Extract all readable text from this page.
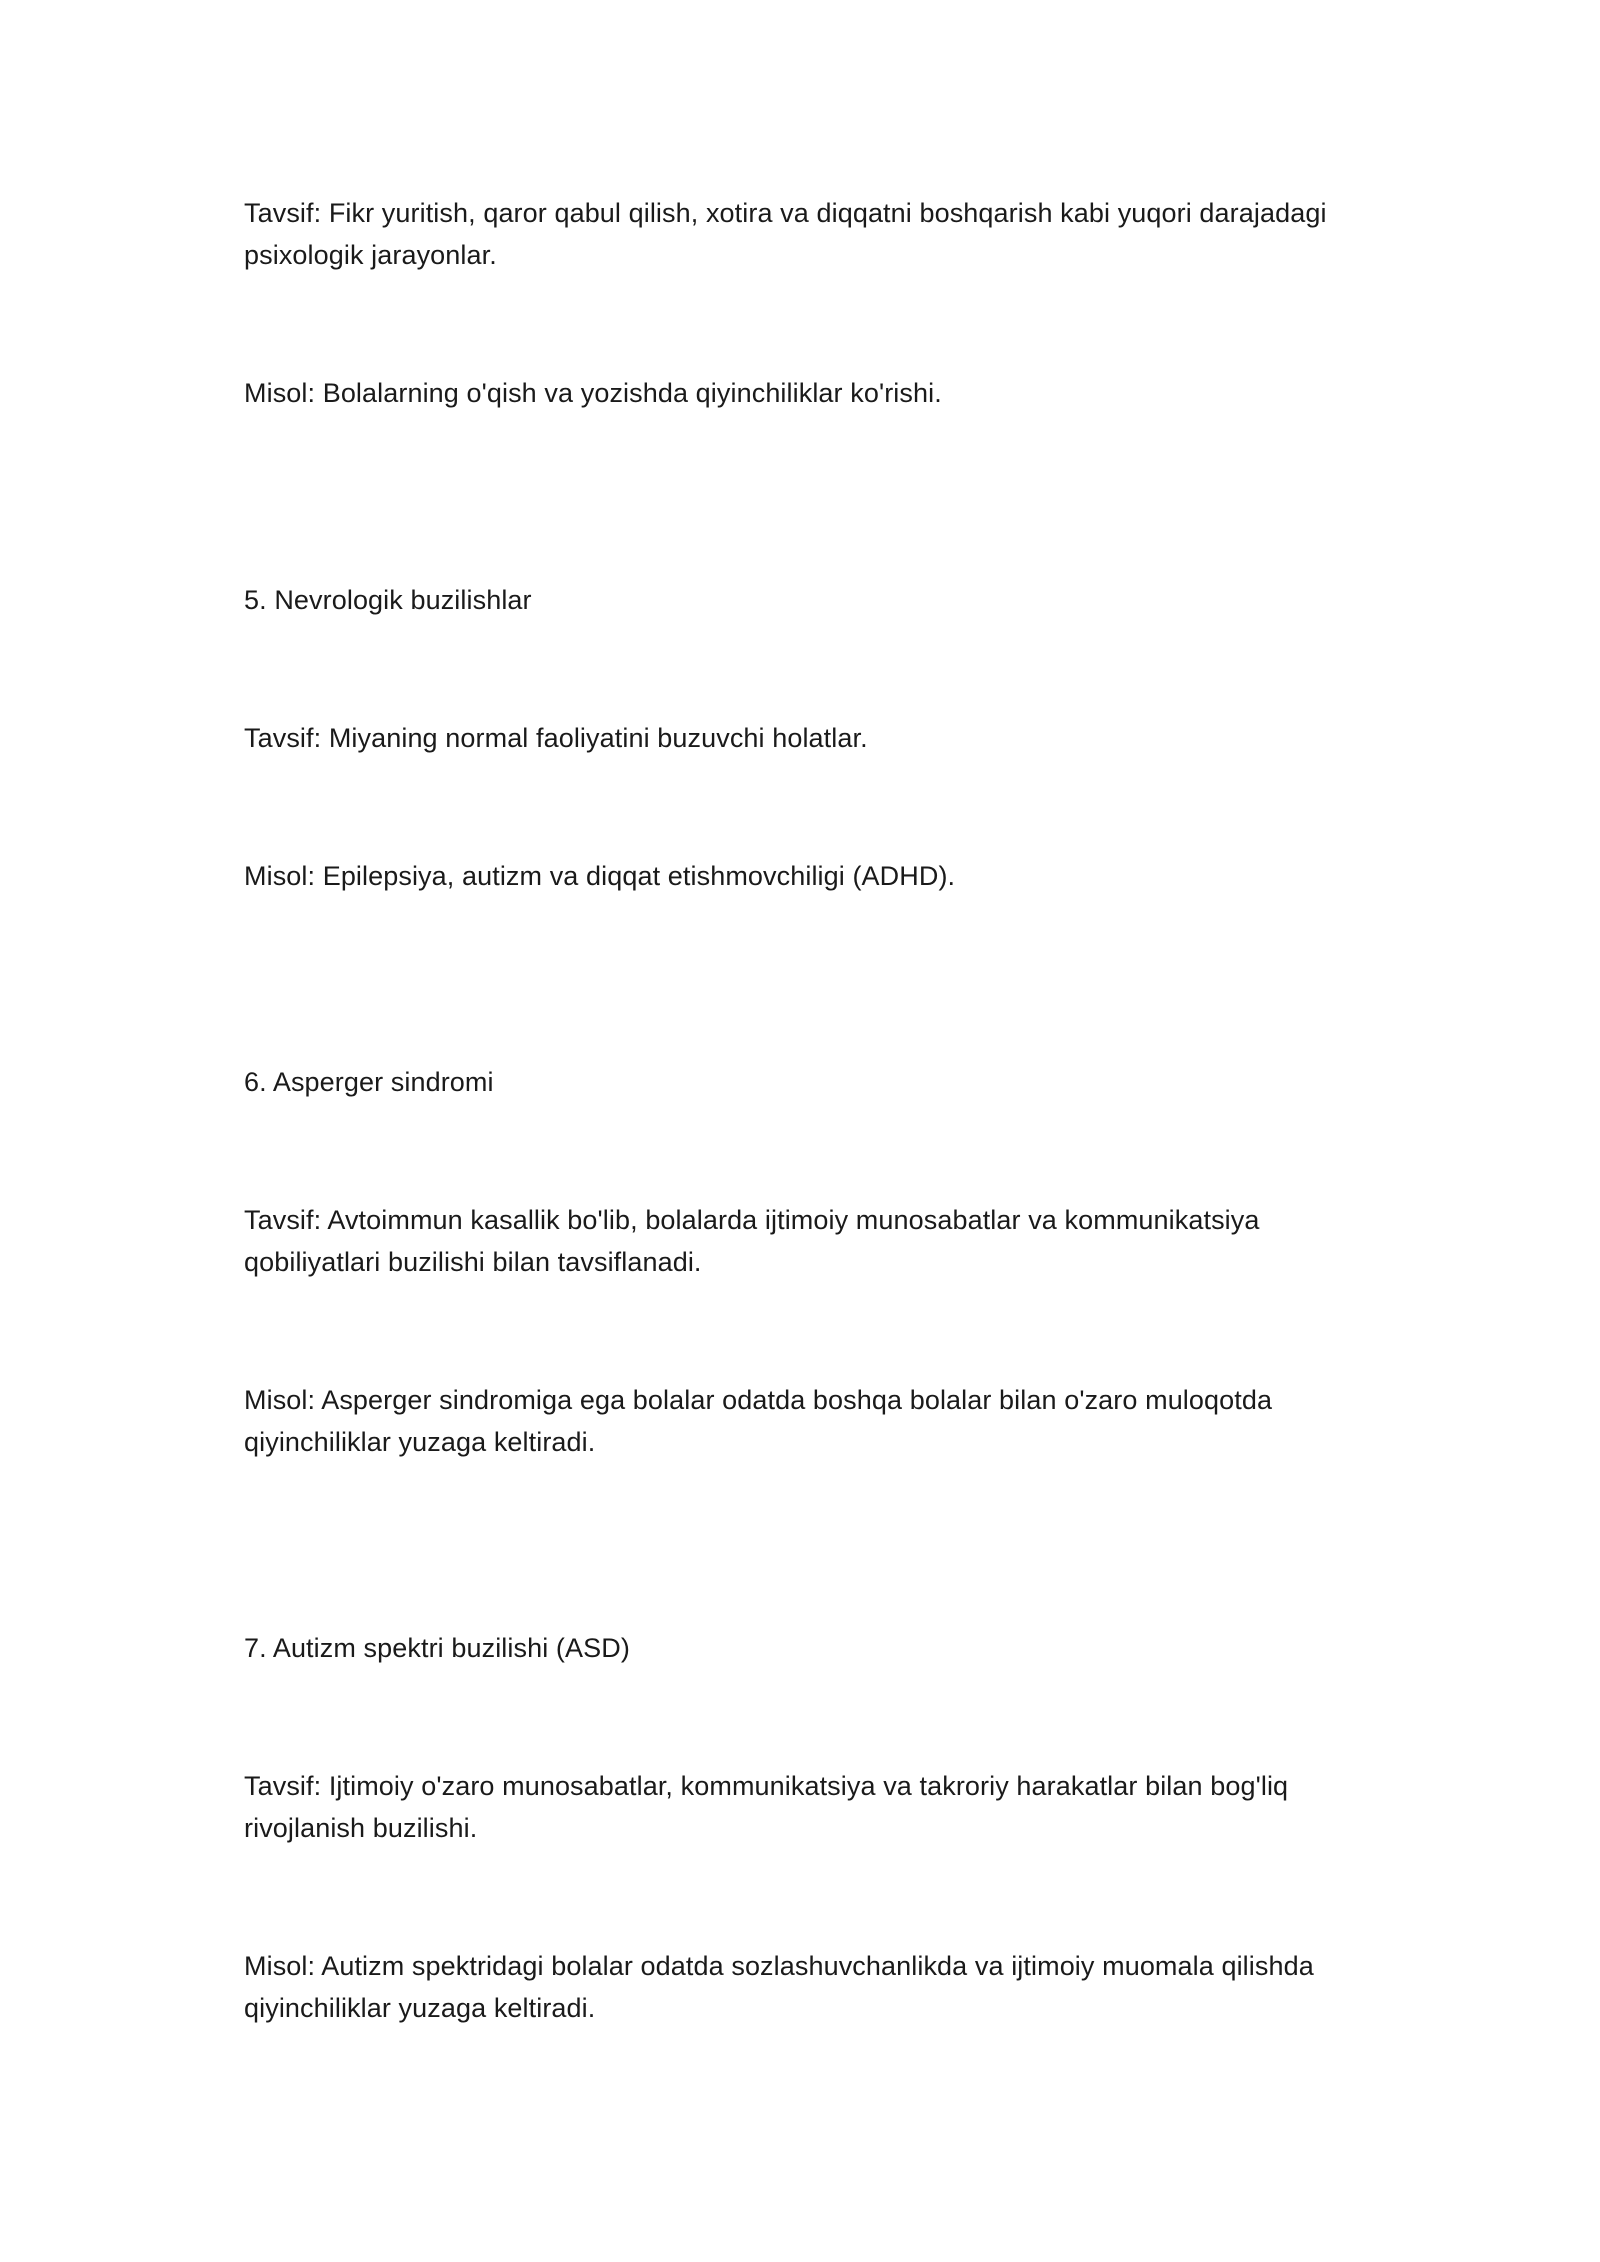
Tavsif: Fikr yuritish, qaror qabul qilish, xotira va diqqatni boshqarish kabi yuqori darajadagi psixologik jarayonlar.

Misol: Bolalarning o'qish va yozishda qiyinchiliklar ko'rishi.

5. Nevrologik buzilishlar

Tavsif: Miyaning normal faoliyatini buzuvchi holatlar.

Misol: Epilepsiya, autizm va diqqat etishmovchiligi (ADHD).

6. Asperger sindromi

Tavsif: Avtoimmun kasallik bo'lib, bolalarda ijtimoiy munosabatlar va kommunikatsiya qobiliyatlari buzilishi bilan tavsiflanadi.

Misol: Asperger sindromiga ega bolalar odatda boshqa bolalar bilan o'zaro muloqotda qiyinchiliklar yuzaga keltiradi.

7. Autizm spektri buzilishi (ASD)

Tavsif: Ijtimoiy o'zaro munosabatlar, kommunikatsiya va takroriy harakatlar bilan bog'liq rivojlanish buzilishi.

Misol: Autizm spektridagi bolalar odatda sozlashuvchanlikda va ijtimoiy muomala qilishda qiyinchiliklar yuzaga keltiradi.
